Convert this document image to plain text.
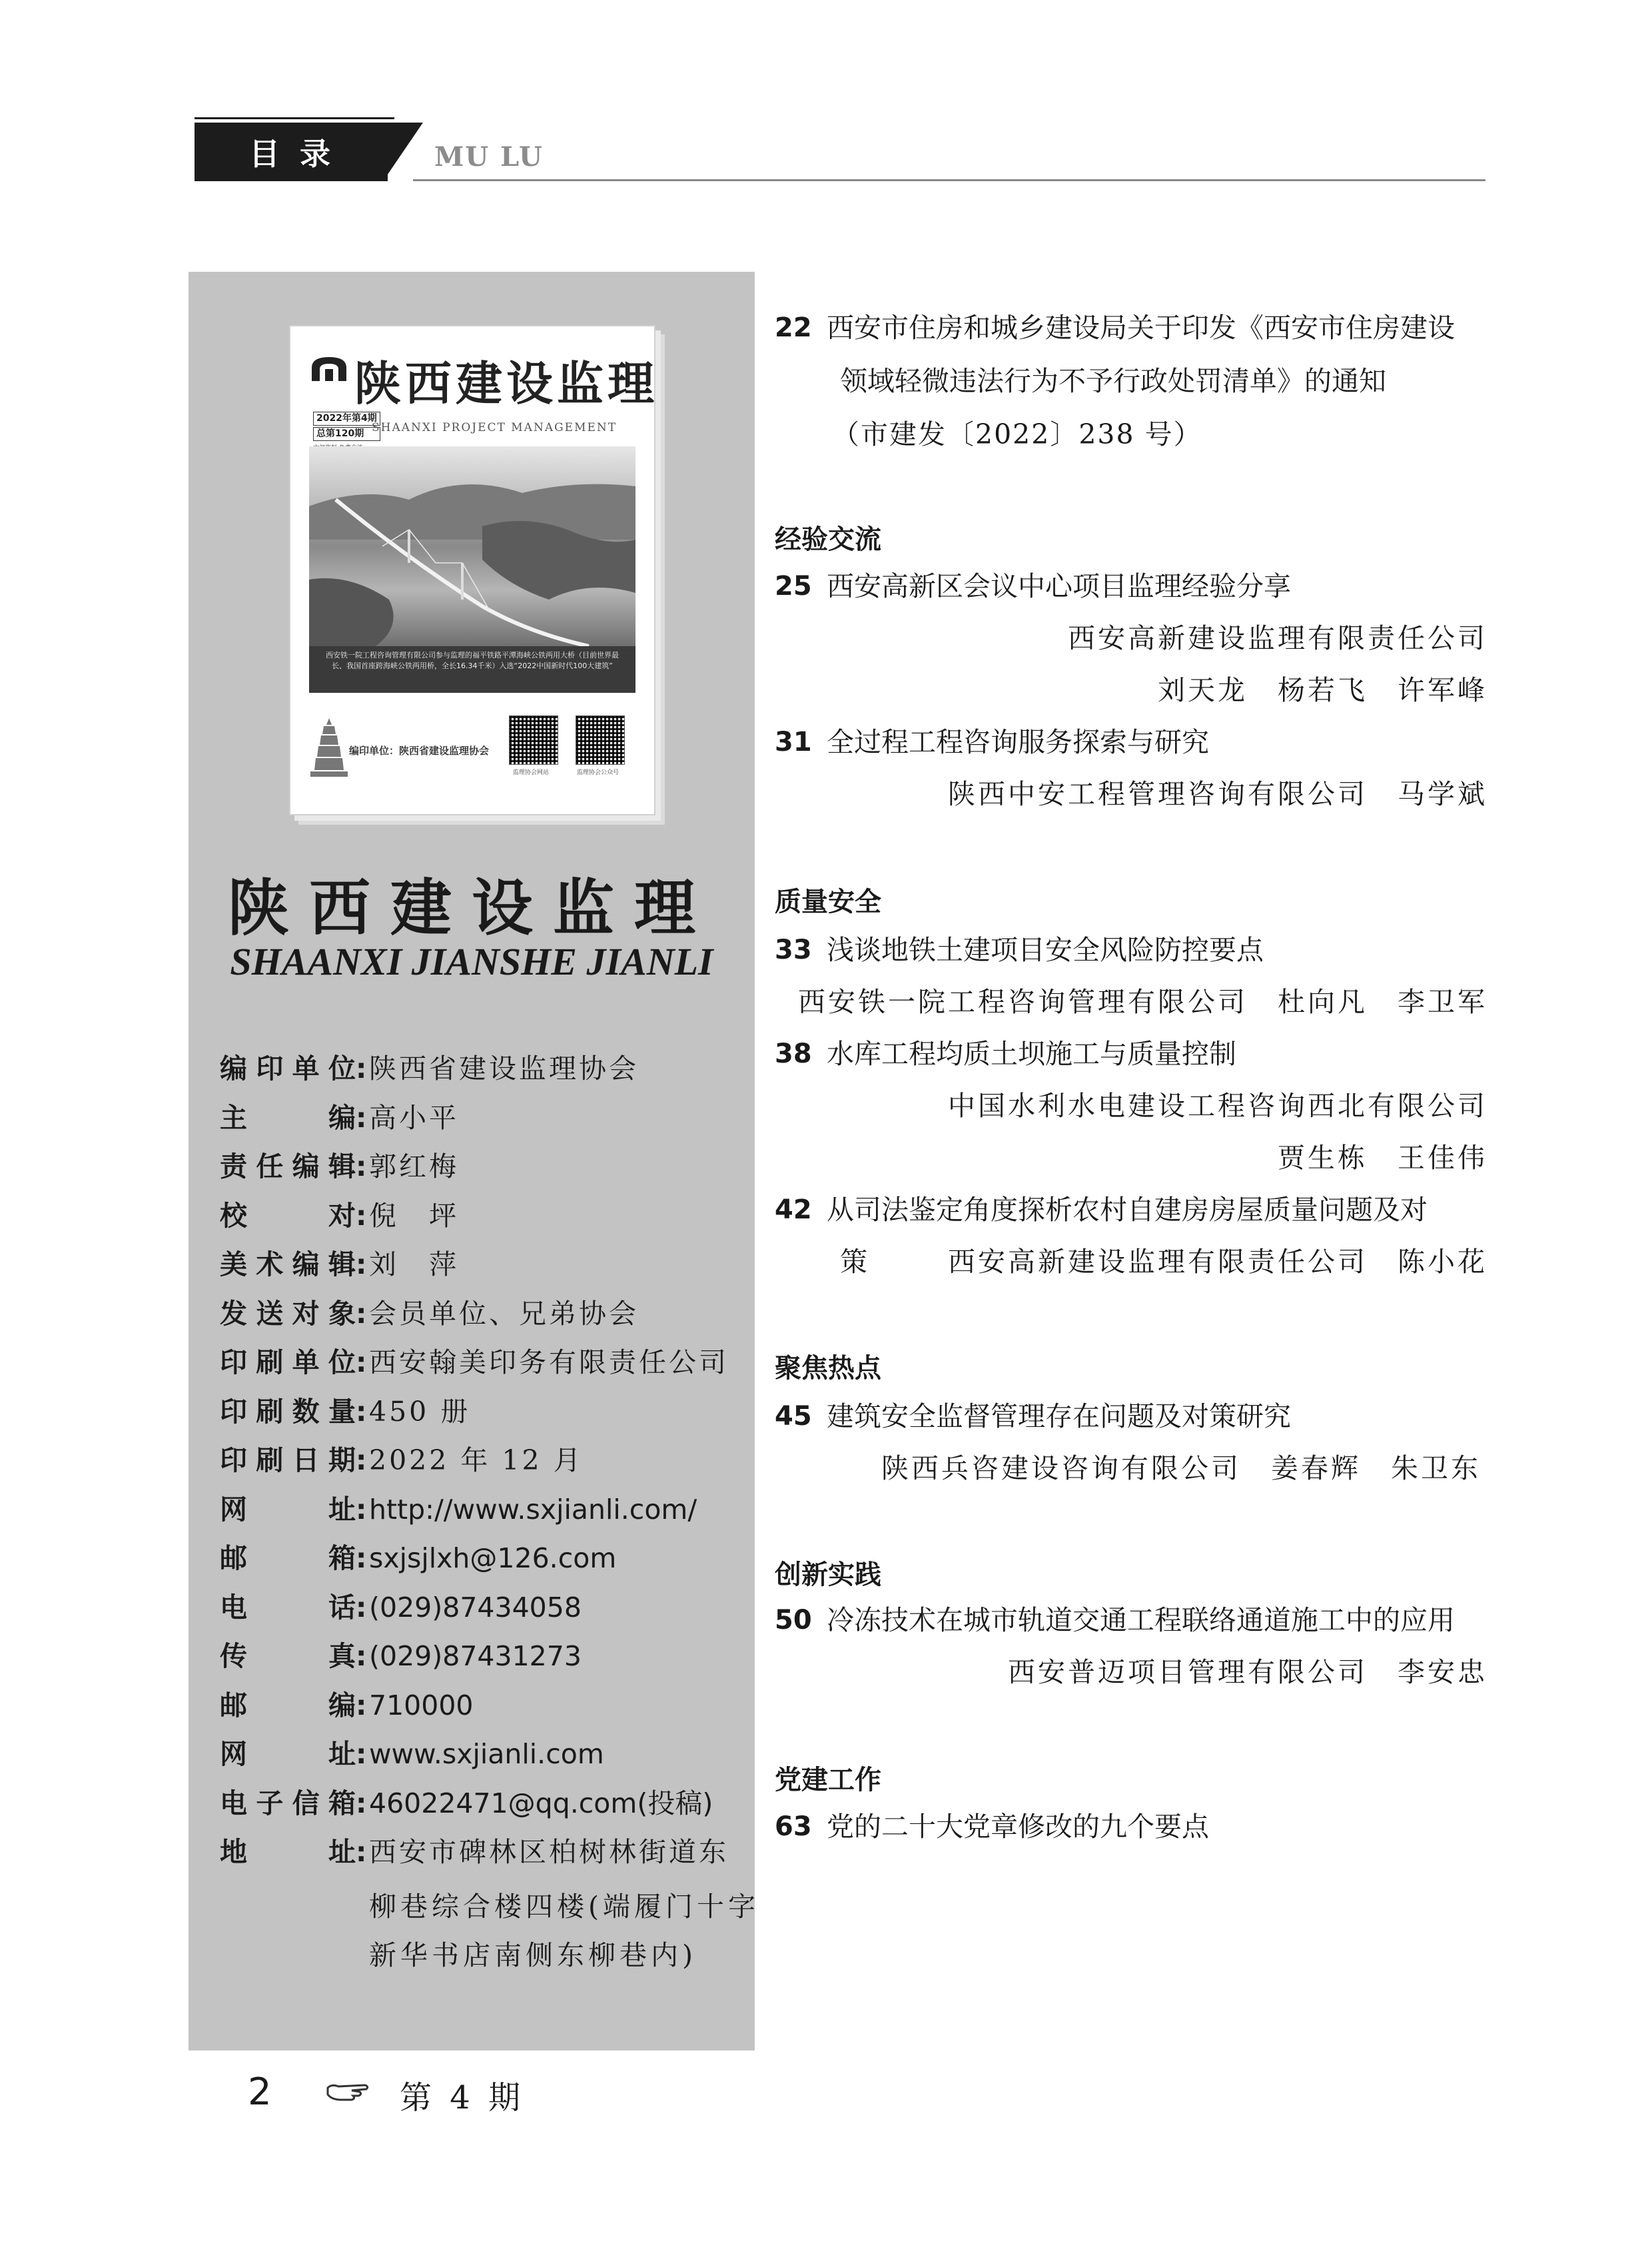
目录	MU LU
陕西建设监理
2022年第4期
总第120期 SHAANXI PROJECT MANAGEMENT
西安铁一院工程咨询管理有限公司参与监理的福平铁路平潭海峡公铁两用大桥（目前世界最长、我国首座跨海峡公铁两用桥，全长16.34千米）入选“2022中国新时代100大建筑”
编印单位：陕西省建设监理协会
监理协会网站	监理协会公众号
陕西建设监理
SHAANXI JIANSHE JIANLI
编 印 单 位 : 陕西省建设监理协会
主	编 : 高小平
责 任 编 辑 : 郭红梅
校	对 : 倪　坪
美 术 编 辑 : 刘　萍
发 送 对 象 : 会员单位、兄弟协会
印 刷 单 位 : 西安翰美印务有限责任公司
印 刷 数 量 : 450 册
印 刷 日 期 : 2022 年 12 月
网	址 : http://www.sxjianli.com/
邮	箱 : sxjsjlxh@126.com
电	话 : (029)87434058
传	真 : (029)87431273
邮	编 : 710000
网	址 : www.sxjianli.com
电 子 信 箱 : 46022471@qq.com(投稿)
地	址 : 西安市碑林区柏树林街道东
柳巷综合楼四楼(端履门十字
新华书店南侧东柳巷内)
22 西安市住房和城乡建设局关于印发《西安市住房建设
领域轻微违法行为不予行政处罚清单》的通知
（市建发〔2022〕238 号）
经验交流
25 西安高新区会议中心项目监理经验分享
西安高新建设监理有限责任公司
刘天龙　杨若飞　许军峰
31 全过程工程咨询服务探索与研究
陕西中安工程管理咨询有限公司　马学斌
质量安全
33 浅谈地铁土建项目安全风险防控要点
西安铁一院工程咨询管理有限公司　杜向凡　李卫军
38 水库工程均质土坝施工与质量控制
中国水利水电建设工程咨询西北有限公司
贾生栋　王佳伟
42 从司法鉴定角度探析农村自建房房屋质量问题及对
策	西安高新建设监理有限责任公司　陈小花
聚焦热点
45 建筑安全监督管理存在问题及对策研究
陕西兵咨建设咨询有限公司　姜春辉　朱卫东
创新实践
50 冷冻技术在城市轨道交通工程联络通道施工中的应用
西安普迈项目管理有限公司　李安忠
党建工作
63 党的二十大党章修改的九个要点
2	第 4 期
